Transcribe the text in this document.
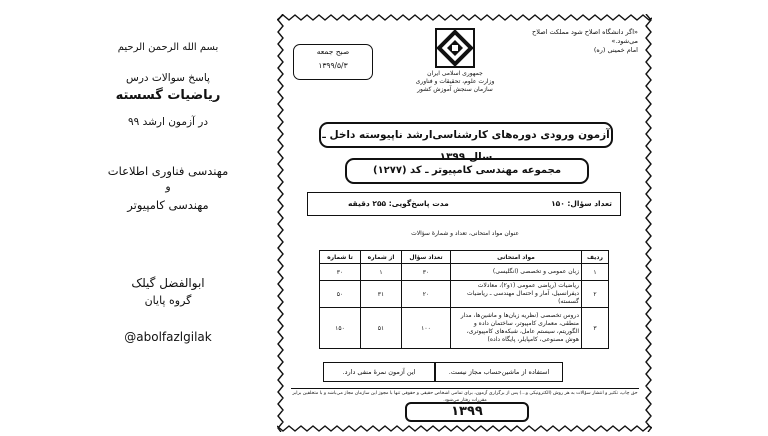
بسم الله الرحمن الرحیم
پاسخ سوالات درس
ریاضیات گسسته
در آزمون ارشد ۹۹
مهندسی فناوری اطلاعات
و
مهندسی کامپیوتر
ابوالفضل گیلک
گروه پایان
@abolfazlgilak
«اگر دانشگاه اصلاح شود مملکت اصلاح می‌شود.»
امام خمینی (ره)
جمهوری اسلامی ایران
وزارت علوم، تحقیقات و فناوری
سازمان سنجش آموزش کشور
صبح جمعه
۱۳۹۹/۵/۳
آزمون ورودی دوره‌های کارشناسی‌ارشد ناپیوسته داخل ـ سال ۱۳۹۹
مجموعه مهندسی کامپیوتر ـ کد (۱۲۷۷)
تعداد سؤال: ۱۵۰
مدت پاسخ‌گویی: ۲۵۵ دقیقه
عنوان مواد امتحانی، تعداد و شمارهٔ سؤالات
ردیف	مواد امتحانی	تعداد سؤال	از شماره	تا شماره
۱	زبان عمومی و تخصصی (انگلیسی)	۳۰	۱	۳۰
۲	ریاضیات (ریاضی عمومی (۱و۲)، معادلات دیفرانسیل، آمار و احتمال مهندسی ـ ریاضیات گسسته)	۲۰	۳۱	۵۰
۳	دروس تخصصی (نظریه زبان‌ها و ماشین‌ها، مدار منطقی، معماری کامپیوتر، ساختمان داده و الگوریتم، سیستم عامل، شبکه‌های کامپیوتری، هوش مصنوعی، کامپایلر، پایگاه داده)	۱۰۰	۵۱	۱۵۰
استفاده از ماشین‌حساب مجاز نیست.
این آزمون نمرهٔ منفی دارد.
حق چاپ، تکثیر و انتشار سؤالات به هر روش (الکترونیکی و...) پس از برگزاری آزمون، برای تمامی اشخاص حقیقی و حقوقی تنها با مجوز این سازمان مجاز می‌باشد و با متخلفین برابر مقررات رفتار می‌شود.
۱۳۹۹
